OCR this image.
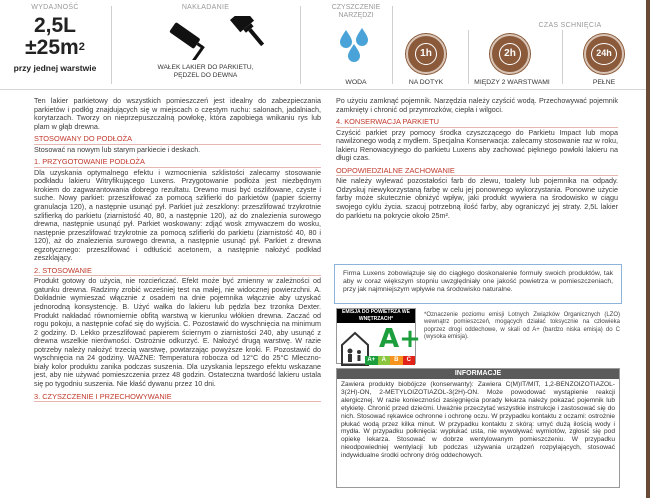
WYDAJNOŚĆ
2,5L
$\pm 25m^2$
przy jednej warstwie
NAKŁADANIE
WAŁEK LAKIER DO PARKIETU,
PĘDZEL DO DEWNA
CZYSZCZENIE
NARZĘDZI
WODA
CZAS SCHNIĘCIA
1h
NA DOTYK
2h
MIĘDZY 2 WARSTWAMI
24h
PEŁNE

Ten lakier parkietowy do wszystkich pomieszczeń jest idealny do zabezpieczania parkietów i podłóg znajdujących się w miejscach o częstym ruchu: salonach, jadalniach, korytarzach. Tworzy on nieprzepuszczalną powłokę, która zapobiega wnikaniu rys lub plam w głąb drewna.

STOSOWANY DO PODŁOŻA

Stosować na nowym lub starym parkiecie i deskach.

1. PRZYGOTOWANIE PODŁOŻA

Dla uzyskania optymalnego efektu i wzmocnienia szklistości zalecamy stosowanie podkładu lakieru Witryfikującego Luxens. Przygotowanie podłoża jest niezbędnym krokiem do zagwarantowania dobrego rezultatu. Drewno musi być oszlifowane, czyste i suche. Nowy parkiet: przeszlifować za pomocą szlifierki do parkietów (papier ścierny granulacja 120), a następnie usunąć pył. Parkiet już zeszklony: przeszlifować trzykrotnie szlifierką do parkietu (ziarnistość 40, 80, a następnie 120), aż do znalezienia surowego drewna, następnie usunąć pył. Parkiet woskowany: zdjąć wosk zmywaczem do wosku, następnie przeszlifować trzykrotnie za pomocą szlifierki do parkietu (ziarnistość 40, 80 i 120), aż do znalezienia surowego drewna, a następnie usunąć pył. Parkiet z drewna egzotycznego: przeszlifować i odtłuścić acetonem, a następnie nałożyć podkład zeszklający.

2. STOSOWANIE

Produkt gotowy do użycia, nie rozcieńczać. Efekt może być zmienny w zależności od gatunku drewna. Radzimy zrobić wcześniej test na małej, nie widocznej powierzchni. A. Dokładnie wymieszać włącznie z osadem na dnie pojemnika włącznie aby uzyskać jednorodną konsystencję. B. Użyć wałka do lakieru lub pędzla bez trzonka Dexter. Produkt nakładać równomiernie obfitą warstwą w kierunku włókien drewna. Zaczać od rogu pokoju, a następnie cofać się do wyjścia. C. Pozostawić do wyschnięcia na minimum 2 godziny. D. Lekko przeszlifować papierem ściernym o ziarnistości 240, aby usunąć z drewna wszelkie nierówności. Ostrożnie odkurzyć. E. Nałożyć drugą warstwę. W razie potrzeby należy nałożyć trzecią warstwę, powtarzając powyższe kroki. F. Pozostawić do wyschnięcia na 24 godziny. WAŻNE: Temperatura robocza od 12°C do 25°C Mleczno-biały kolor produktu zanika podczas suszenia. Dla uzyskania lepszego efektu wskazane jest, aby nie używać pomieszczenia przez 48 godzin. Ostateczna twardość lakieru ustala się po tygodniu suszenia. Nie kłaść dywanu przez 10 dni.

3. CZYSZCZENIE I PRZECHOWYWANIE

Po użyciu zamknąć pojemnik. Narzędzia należy czyścić wodą. Przechowywać pojemnik zamknięty i chronić od przymrozków, ciepła i wilgoci.

4. KONSERWACJA PARKIETU

Czyścić parkiet przy pomocy środka czyszczącego do Parkietu Impact lub mopa nawilżonego wodą z mydłem. Specjalna Konserwacja: zalecamy stosowanie raz w roku, lakieru Renowacyjnego do parkietu Luxens aby zachować pięknego powłoki lakieru na długi czas.

ODPOWIEDZIALNE ZACHOWANIE

Nie należy wylewać pozostałości farb do zlewu, toalety lub pojemnika na odpady. Odzyskuj niewykorzystaną farbę w celu jej ponownego wykorzystania. Ponowne użycie farby może skutecznie obniżyć wpływ, jaki produkt wywiera na środowisko w ciągu swojego cyklu życia. szacuj potrzebną ilość farby, aby ograniczyć jej straty. 2,5L lakier do parkietu na pokrycie około 25m².

Firma Luxens zobowiązuje się do ciągłego doskonalenie formuły swoich produktów, tak aby w coraz większym stopniu uwzględniały one jakość powietrza w pomieszczeniach, przy jak najmniejszym wpływie na środowisko naturalne.
EMISJA DO POWIETRZA WE WNĘTRZACH*
A+
A+	A	B	C
*Oznaczenie poziomu emisji Lotnych Związków Organicznych (LZO) wewnątrz pomieszczeń, mogących działać toksycznie na człowieka poprzez drogi oddechowe, w skali od A+ (bardzo niska emisja) do C (wysoka emisja).
INFORMACJE
Zawiera produkty biobójcze (konserwanty): Zawiera C(M)IT/MIT, 1,2-BENZOIZOTIAZOL-3(2H)-ON, 2-METYLOIZOTIAZOL-3(2H)-ON. Może powodować wystąpienie reakcji alergicznej. W razie konieczności zasięgnięcia porady lekarza należy pokazać pojemnik lub etykietę. Chronić przed dziećmi. Uważnie przeczytać wszystkie instrukcje i zastosować się do nich. Stosować rękawice ochronne i ochronę oczu. W przypadku kontaktu z oczami: ostrożnie płukać wodą przez kilka minut. W przypadku kontaktu z skórą: umyć dużą ilością wody i mydła. W przypadku połknięcia: wypłukać usta, nie wywoływać wymiotów, zgłosić się pod opiekę lekarza. Stosować w dobrze wentylowanym pomieszczeniu. W przypadku nieodpowiedniej wentylacji lub podczas używania urządzeń rozpylających, stosować indywidualne środki ochrony dróg oddechowych.
